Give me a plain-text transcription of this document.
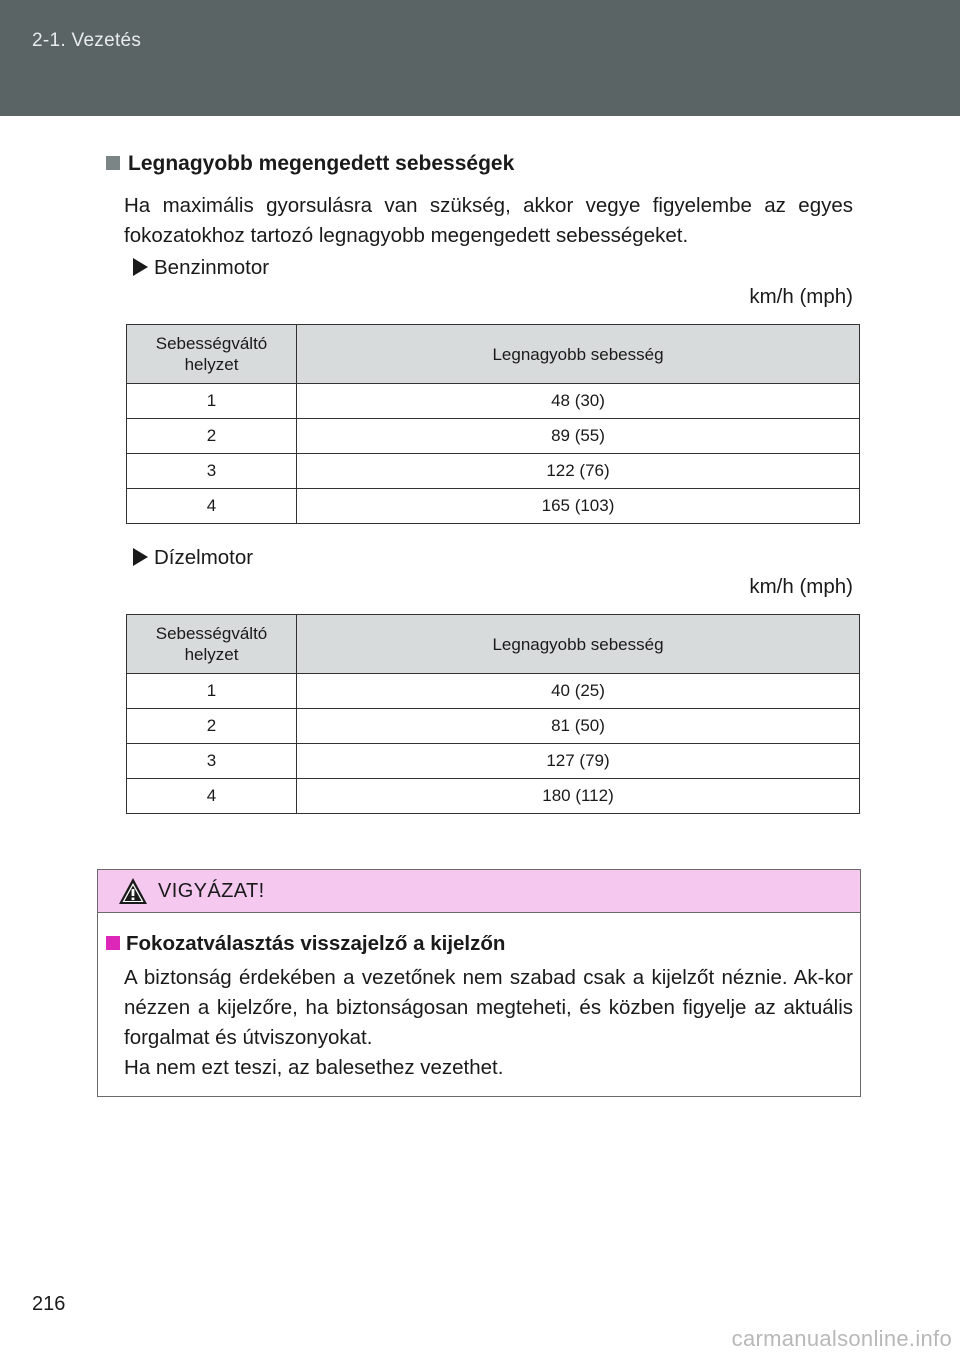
2-1. Vezetés
Legnagyobb megengedett sebességek
Ha maximális gyorsulásra van szükség, akkor vegye figyelembe az egyes fokozatokhoz tartozó legnagyobb megengedett sebességeket.
Benzinmotor
km/h (mph)
Sebességváltó helyzet	Legnagyobb sebesség
1	48 (30)
2	89 (55)
3	122 (76)
4	165 (103)
Dízelmotor
km/h (mph)
Sebességváltó helyzet	Legnagyobb sebesség
1	40 (25)
2	81 (50)
3	127 (79)
4	180 (112)
VIGYÁZAT!
Fokozatválasztás visszajelző a kijelzőn

A biztonság érdekében a vezetőnek nem szabad csak a kijelzőt néznie. Ak-kor nézzen a kijelzőre, ha biztonságosan megteheti, és közben figyelje az aktuális forgalmat és útviszonyokat.

Ha nem ezt teszi, az balesethez vezethet.

216
carmanualsonline.info
